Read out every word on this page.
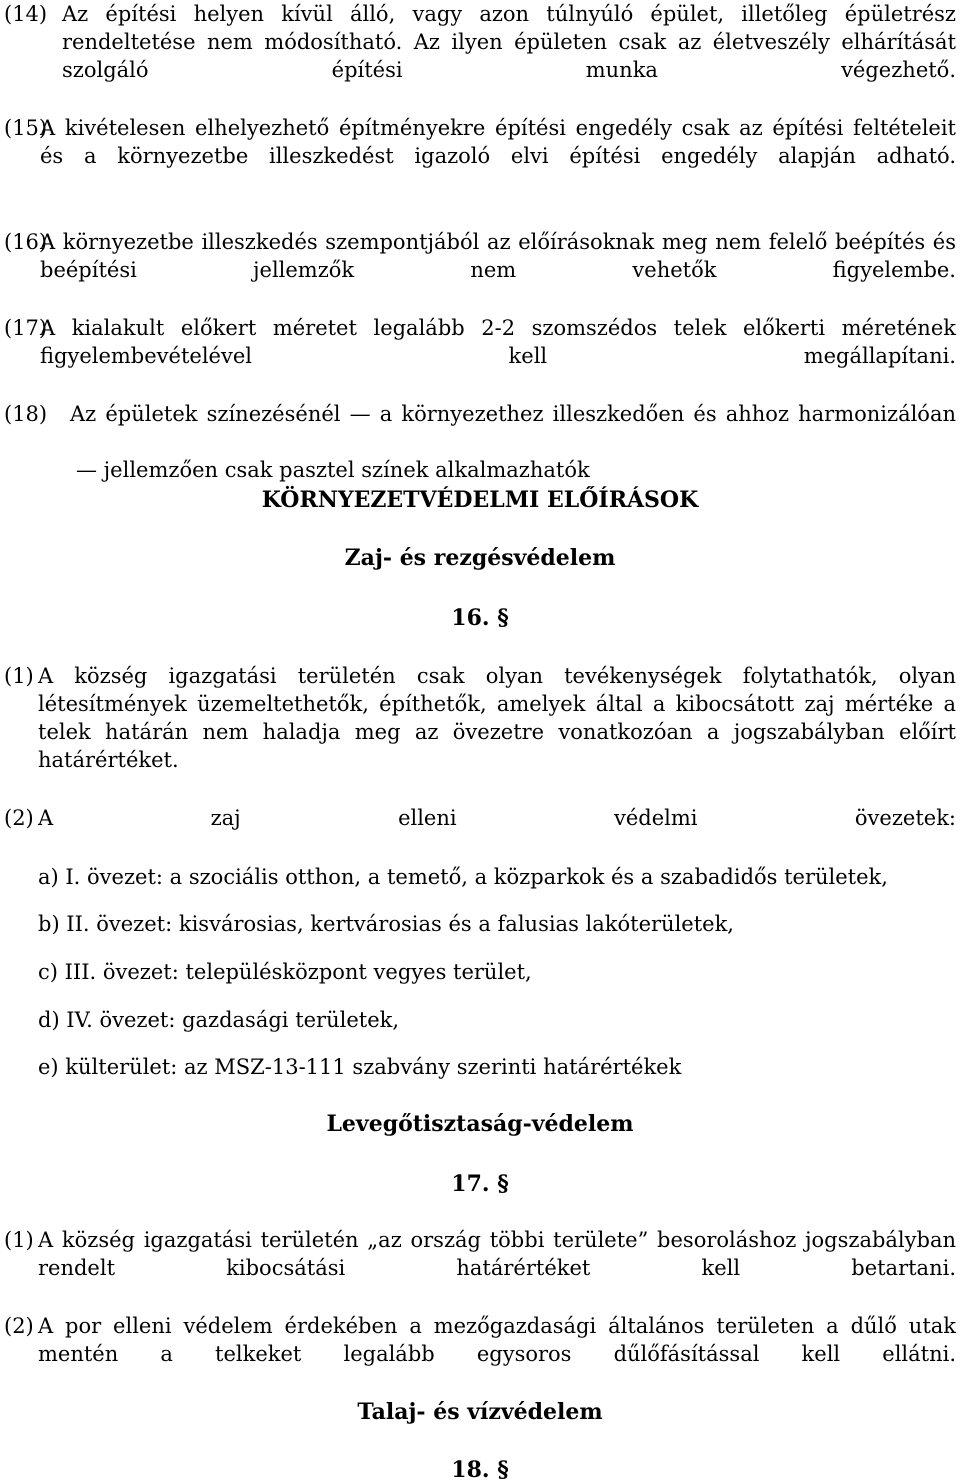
(14) Az építési helyen kívül álló, vagy azon túlnyúló épület, illetőleg épületrész rendeltetése nem módosítható. Az ilyen épületen csak az életveszély elhárítását szolgáló építési munka végezhető.
(15)
A kivételesen elhelyezhető építményekre építési engedély csak az építési feltételeit és a környezetbe illeszkedést igazoló elvi építési engedély alapján adható.
(16)
A környezetbe illeszkedés szempontjából az előírásoknak meg nem felelő beépítés és beépítési jellemzők nem vehetők figyelembe.
(17)
A kialakult előkert méretet legalább 2-2 szomszédos telek előkerti méretének figyelembevételével kell megállapítani.
(18)	Az épületek színezésénél — a környezethez illeszkedően és ahhoz harmonizálóan
— jellemzően csak pasztel színek alkalmazhatók
KÖRNYEZETVÉDELMI ELŐÍRÁSOK
Zaj- és rezgésvédelem
16. §
(1) A község igazgatási területén csak olyan tevékenységek folytathatók, olyan létesítmények üzemeltethetők, építhetők, amelyek által a kibocsátott zaj mértéke a telek határán nem haladja meg az övezetre vonatkozóan a jogszabályban előírt határértéket.
(2) A zaj elleni védelmi övezetek:

a) I. övezet: a szociális otthon, a temető, a közparkok és a szabadidős területek,

b) II. övezet: kisvárosias, kertvárosias és a falusias lakóterületek,

c) III. övezet: településközpont vegyes terület,

d) IV. övezet: gazdasági területek,

e) külterület: az MSZ-13-111 szabvány szerinti határértékek

Levegőtisztaság-védelem
17. §
(1) A község igazgatási területén „az ország többi területe” besoroláshoz jogszabályban rendelt kibocsátási határértéket kell betartani.
(2) A por elleni védelem érdekében a mezőgazdasági általános területen a dűlő utak mentén a telkeket legalább egysoros dűlőfásítással kell ellátni.
Talaj- és vízvédelem
18. §
